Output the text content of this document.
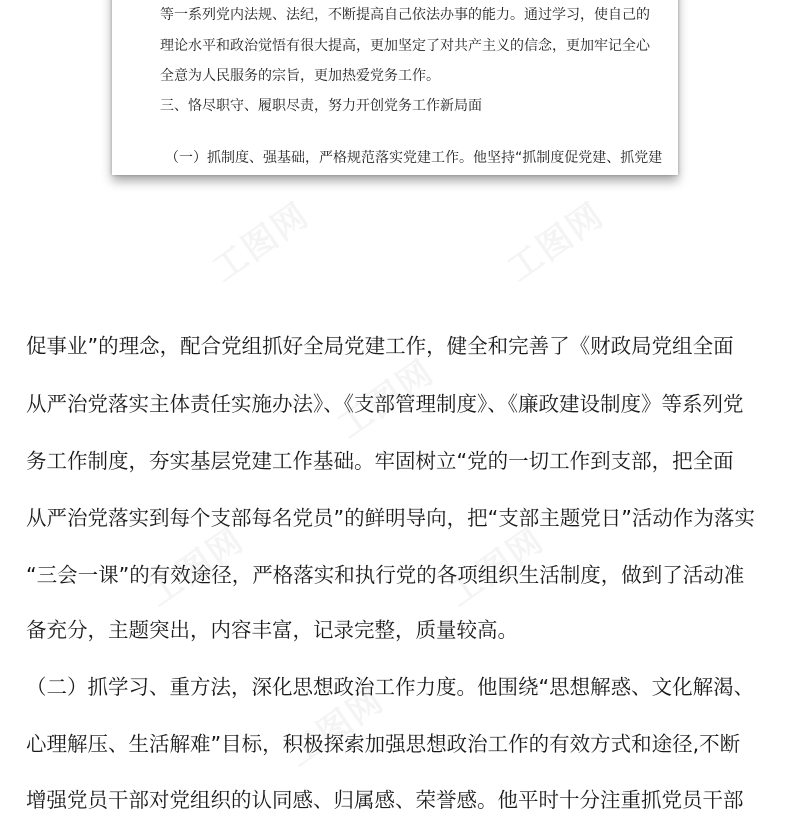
等一系列党内法规、法纪，不断提高自己依法办事的能力。通过学习，使自己的
理论水平和政治觉悟有很大提高，更加坚定了对共产主义的信念，更加牢记全心
全意为人民服务的宗旨，更加热爱党务工作。
三、恪尽职守、履职尽责，努力开创党务工作新局面
（一）抓制度、强基础，严格规范落实党建工作。他坚持“抓制度促党建、抓党建
工图网	工图网
工图网
工图网	工图网
工图网
促事业”的理念，配合党组抓好全局党建工作，健全和完善了《财政局党组全面
从严治党落实主体责任实施办法》、《支部管理制度》、《廉政建设制度》等系列党
务工作制度，夯实基层党建工作基础。牢固树立“党的一切工作到支部，把全面
从严治党落实到每个支部每名党员”的鲜明导向，把“支部主题党日”活动作为落实
“三会一课”的有效途径，严格落实和执行党的各项组织生活制度，做到了活动准
备充分，主题突出，内容丰富，记录完整，质量较高。
（二）抓学习、重方法，深化思想政治工作力度。他围绕“思想解惑、文化解渴、
心理解压、生活解难”目标，积极探索加强思想政治工作的有效方式和途径,不断
增强党员干部对党组织的认同感、归属感、荣誉感。他平时十分注重抓党员干部
